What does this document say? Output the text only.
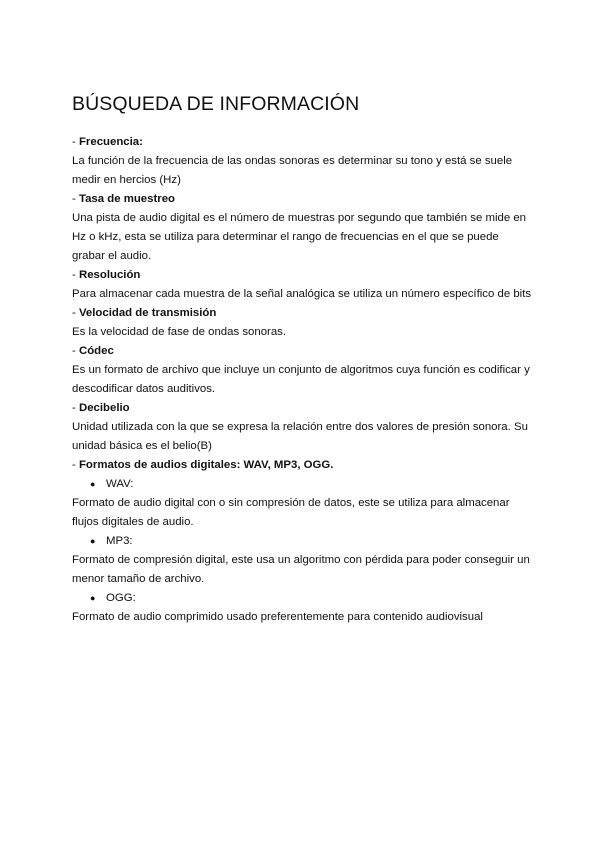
BÚSQUEDA DE INFORMACIÓN
- Frecuencia:
La función de la frecuencia de las ondas sonoras es determinar su tono y está se suele medir en hercios (Hz)
- Tasa de muestreo
Una pista de audio digital es el número de muestras por segundo que también se mide en Hz o kHz, esta se utiliza para determinar el rango de frecuencias en el que se puede grabar el audio.
- Resolución
Para almacenar cada muestra de la señal analógica se utiliza un número específico de bits
- Velocidad de transmisión
Es la velocidad de fase de ondas sonoras.
- Códec
Es un formato de archivo que incluye un conjunto de algoritmos cuya función es codificar y descodificar datos auditivos.
- Decibelio
Unidad utilizada con la que se expresa la relación entre dos valores de presión sonora. Su unidad básica es el belio(B)
- Formatos de audios digitales: WAV, MP3, OGG.
● WAV:
Formato de audio digital con o sin compresión de datos, este se utiliza para almacenar flujos digitales de audio.
● MP3:
Formato de compresión digital, este usa un algoritmo con pérdida para poder conseguir un menor tamaño de archivo.
● OGG:
Formato de audio comprimido usado preferentemente para contenido audiovisual
